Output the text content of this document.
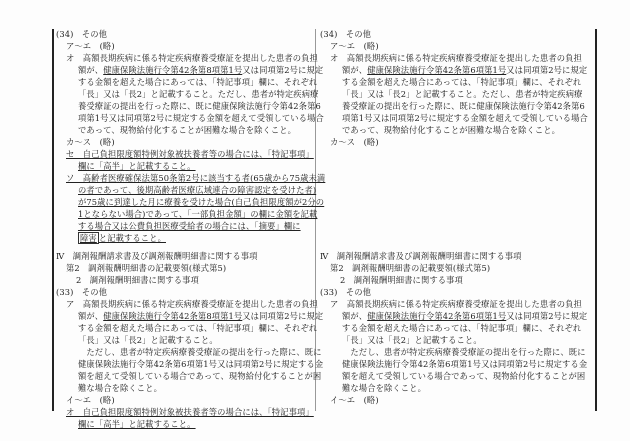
(34)　その他
ア～エ　(略)
オ　高額長期疾病に係る特定疾病療養受療証を提出した患者の負担
額が、健康保険法施行令第42条第8項第1号又は同項第2号に規定
する金額を超えた場合にあっては、「特記事項」欄に、それぞれ
「長」又は「長2」と記載すること。ただし、患者が特定疾病療
養受療証の提出を行った際に、既に健康保険法施行令第42条第6
項第1号又は同項第2号に規定する金額を超えて受領している場合
であって、現物給付化することが困難な場合を除くこと。
カ～ス　(略)
セ　自己負担限度額特例対象被扶養者等の場合には、「特記事項」
欄に「高半」と記載すること。
ソ　高齢者医療確保法第50条第2号に該当する者(65歳から75歳未満
の者であって、後期高齢者医療広域連合の障害認定を受けた者)
が75歳に到達した月に療養を受けた場合(自己負担限度額が2分の
1とならない場合)であって、「一部負担金額」の欄に金額を記載
する場合又は公費負担医療受給者の場合には、「摘要」欄に
障害 と記載すること。
Ⅳ　調剤報酬請求書及び調剤報酬明細書に関する事項
第2　調剤報酬明細書の記載要領(様式第5)
2　調剤報酬明細書に関する事項
(33)　その他
ア　高額長期疾病に係る特定疾病療養受療証を提出した患者の負担
額が、健康保険法施行令第42条第8項第1号又は同項第2号に規定
する金額を超えた場合にあっては、「特記事項」欄に、それぞれ
「長」又は「長2」と記載すること。
　ただし、患者が特定疾病療養受療証の提出を行った際に、既に
健康保険法施行令第42条第6項第1号又は同項第2号に規定する金
額を超えて受領している場合であって、現物給付化することが困
難な場合を除くこと。
イ～エ　(略)
オ　自己負担限度額特例対象被扶養者等の場合には、「特記事項」
欄に「高半」と記載すること。
(34)　その他
ア～エ　(略)
オ　高額長期疾病に係る特定疾病療養受療証を提出した患者の負担
額が、健康保険法施行令第42条第6項第1号又は同項第2号に規定
する金額を超えた場合にあっては、「特記事項」欄に、それぞれ
「長」又は「長2」と記載すること。ただし、患者が特定疾病療
養受療証の提出を行った際に、既に健康保険法施行令第42条第6
項第1号又は同項第2号に規定する金額を超えて受領している場合
であって、現物給付化することが困難な場合を除くこと。
カ～ス　(略)
Ⅳ　調剤報酬請求書及び調剤報酬明細書に関する事項
第2　調剤報酬明細書の記載要領(様式第5)
2　調剤報酬明細書に関する事項
(33)　その他
ア　高額長期疾病に係る特定疾病療養受療証を提出した患者の負担
額が、健康保険法施行令第42条第6項第1号又は同項第2号に規定
する金額を超えた場合にあっては、「特記事項」欄に、それぞれ
「長」又は「長2」と記載すること。
　ただし、患者が特定疾病療養受療証の提出を行った際に、既に
健康保険法施行令第42条第6項第1号又は同項第2号に規定する金
額を超えて受領している場合であって、現物給付化することが困
難な場合を除くこと。
イ～エ　(略)
